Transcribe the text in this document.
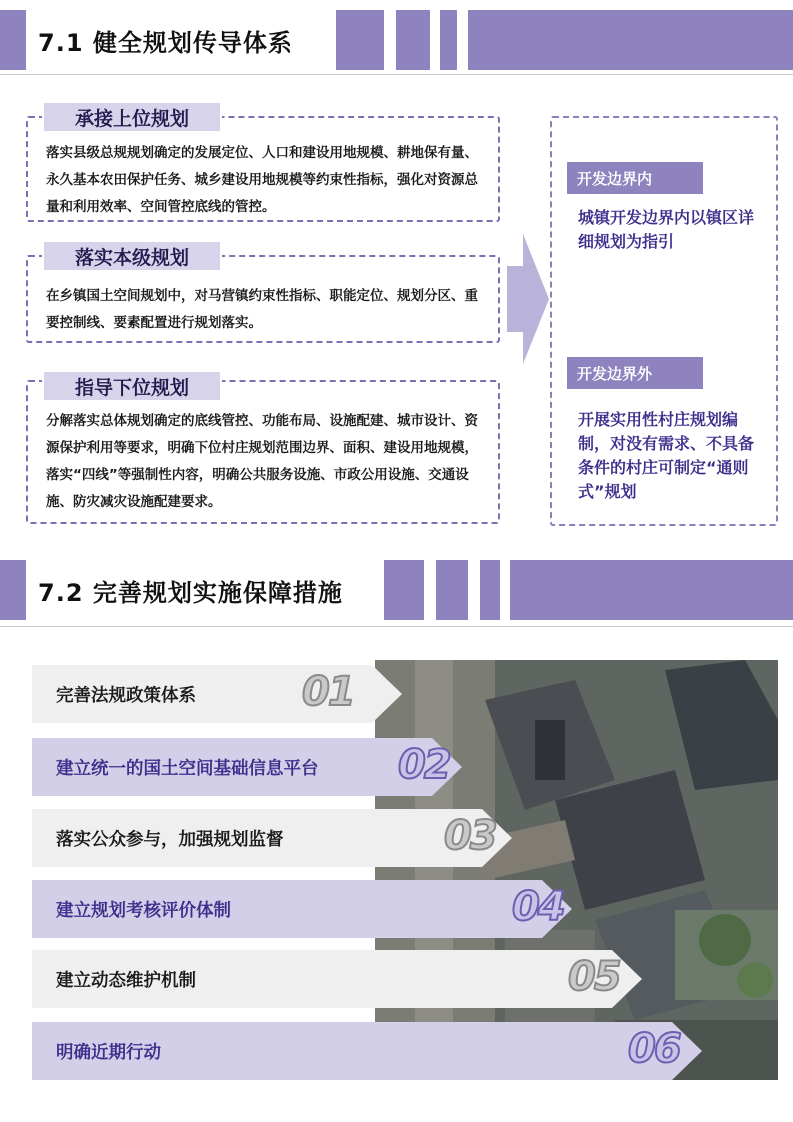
7.1 健全规划传导体系

落实县级总规规划确定的发展定位、人口和建设用地规模、耕地保有量、永久基本农田保护任务、城乡建设用地规模等约束性指标，强化对资源总量和利用效率、空间管控底线的管控。

承接上位规划

在乡镇国土空间规划中，对马营镇约束性指标、职能定位、规划分区、重要控制线、要素配置进行规划落实。

落实本级规划

分解落实总体规划确定的底线管控、功能布局、设施配建、城市设计、资源保护利用等要求，明确下位村庄规划范围边界、面积、建设用地规模，落实“四线”等强制性内容，明确公共服务设施、市政公用设施、交通设施、防灾减灾设施配建要求。

指导下位规划
开发边界内
城镇开发边界内以镇区详细规划为指引
开发边界外
开展实用性村庄规划编制，对没有需求、不具备条件的村庄可制定“通则式”规划
7.2 完善规划实施保障措施
完善法规政策体系	01
建立统一的国土空间基础信息平台 02
落实公众参与，加强规划监督	03
建立规划考核评价体制	04
建立动态维护机制	05
明确近期行动	06
